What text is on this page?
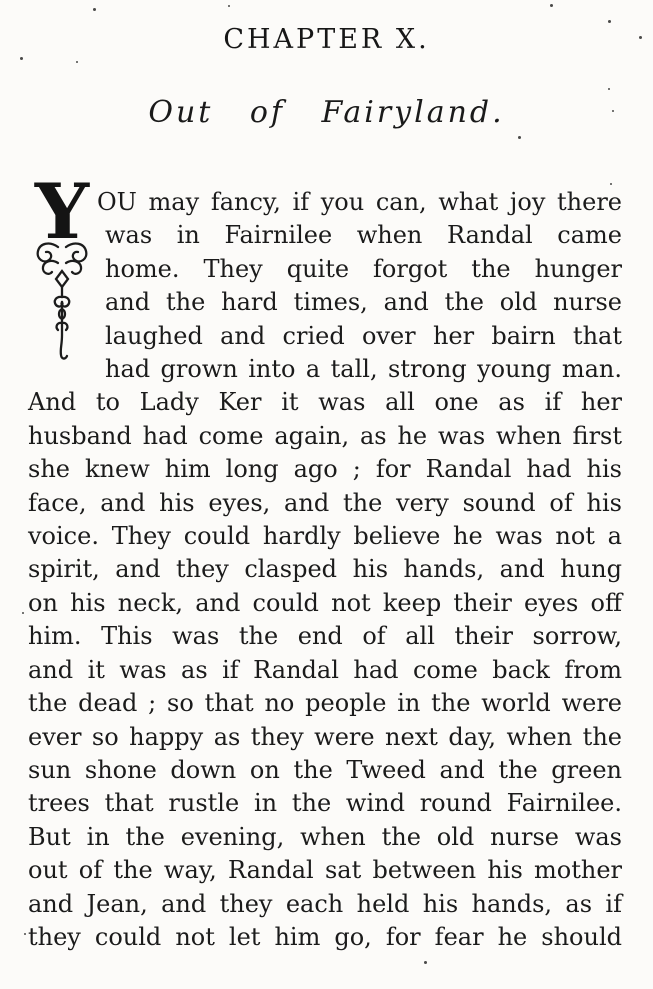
CHAPTER X.
Out of Fairyland.
Y OU may fancy, if you can, what joy there
was in Fairnilee when Randal came
home. They quite forgot the hunger
and the hard times, and the old nurse
laughed and cried over her bairn that
had grown into a tall, strong young man.
And to Lady Ker it was all one as if her
husband had come again, as he was when first
she knew him long ago ; for Randal had his
face, and his eyes, and the very sound of his
voice. They could hardly believe he was not a
spirit, and they clasped his hands, and hung
on his neck, and could not keep their eyes off
him. This was the end of all their sorrow,
and it was as if Randal had come back from
the dead ; so that no people in the world were
ever so happy as they were next day, when the
sun shone down on the Tweed and the green
trees that rustle in the wind round Fairnilee.
But in the evening, when the old nurse was
out of the way, Randal sat between his mother
and Jean, and they each held his hands, as if
they could not let him go, for fear he should
